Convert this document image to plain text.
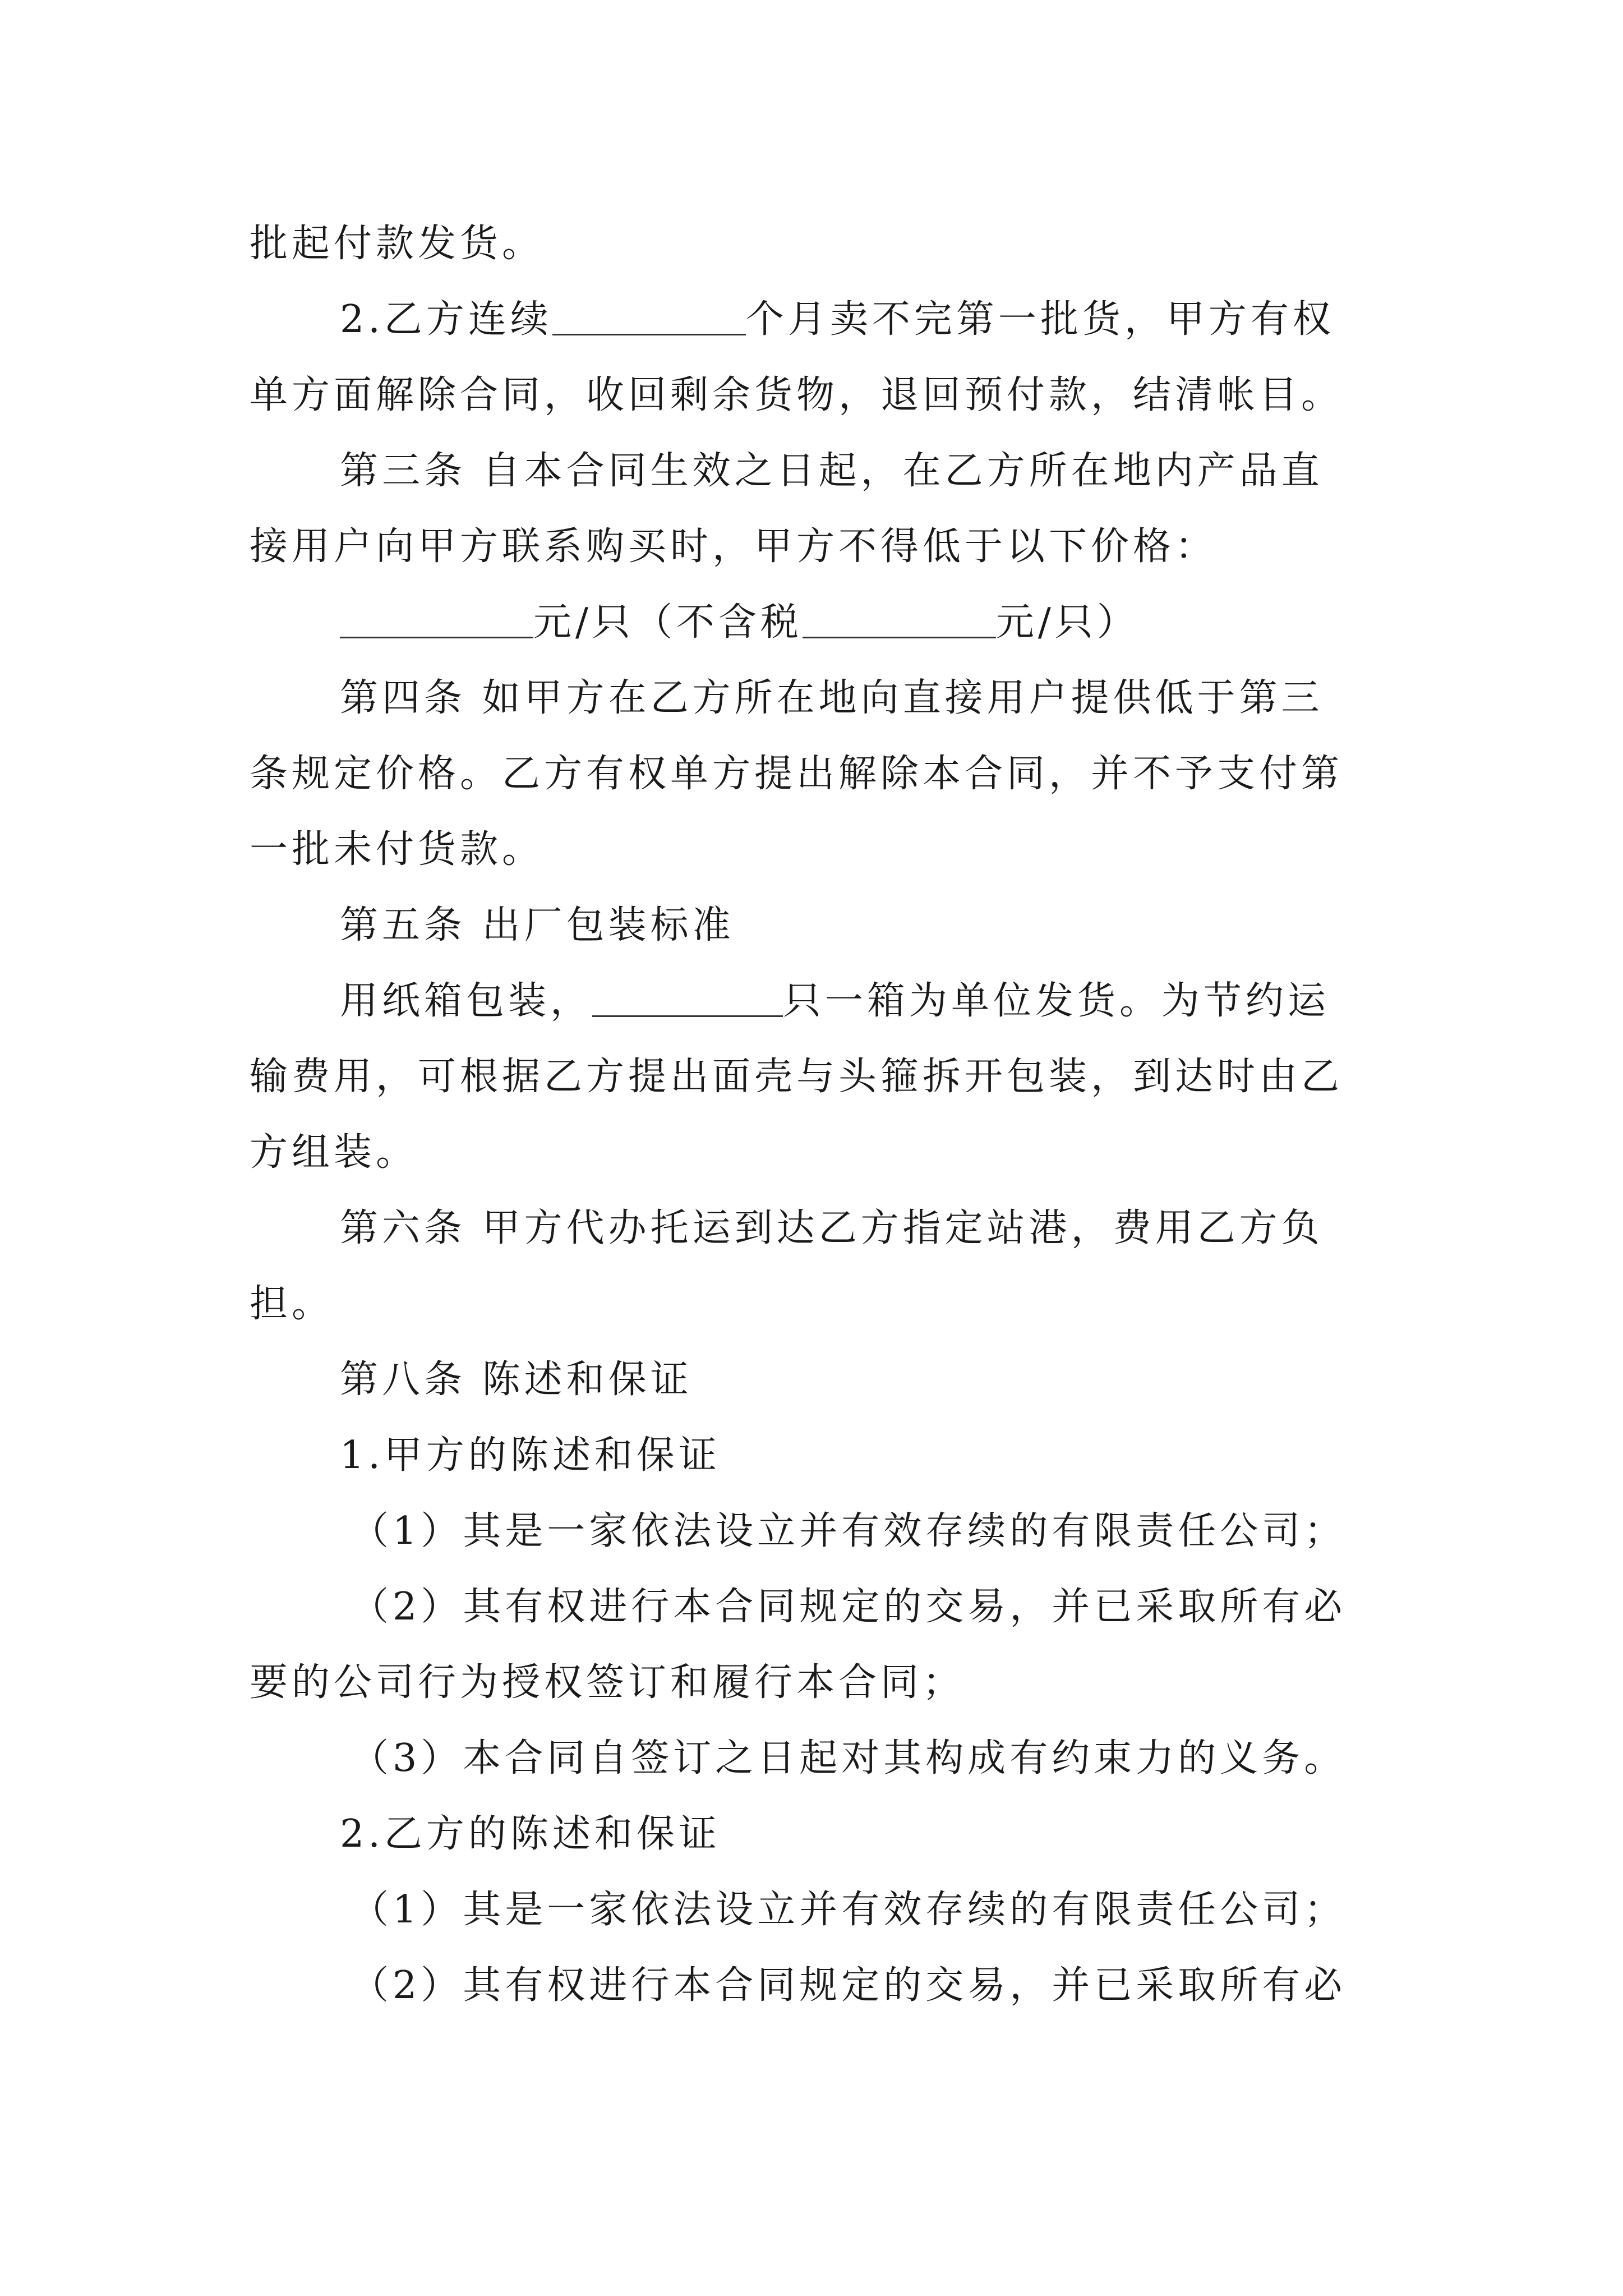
批起付款发货。
2.乙方连续	个月卖不完第一批货，甲方有权
单方面解除合同，收回剩余货物，退回预付款，结清帐目。
第三条 自本合同生效之日起，在乙方所在地内产品直
接用户向甲方联系购买时，甲方不得低于以下价格：
元/只（不含税	元/只）
第四条 如甲方在乙方所在地向直接用户提供低于第三
条规定价格。乙方有权单方提出解除本合同，并不予支付第
一批未付货款。
第五条 出厂包装标准
用纸箱包装，	只一箱为单位发货。为节约运
输费用，可根据乙方提出面壳与头箍拆开包装，到达时由乙
方组装。
第六条 甲方代办托运到达乙方指定站港，费用乙方负
担。
第八条 陈述和保证
1.甲方的陈述和保证
（1）其是一家依法设立并有效存续的有限责任公司；
（2）其有权进行本合同规定的交易，并已采取所有必
要的公司行为授权签订和履行本合同；
（3）本合同自签订之日起对其构成有约束力的义务。
2.乙方的陈述和保证
（1）其是一家依法设立并有效存续的有限责任公司；
（2）其有权进行本合同规定的交易，并已采取所有必
